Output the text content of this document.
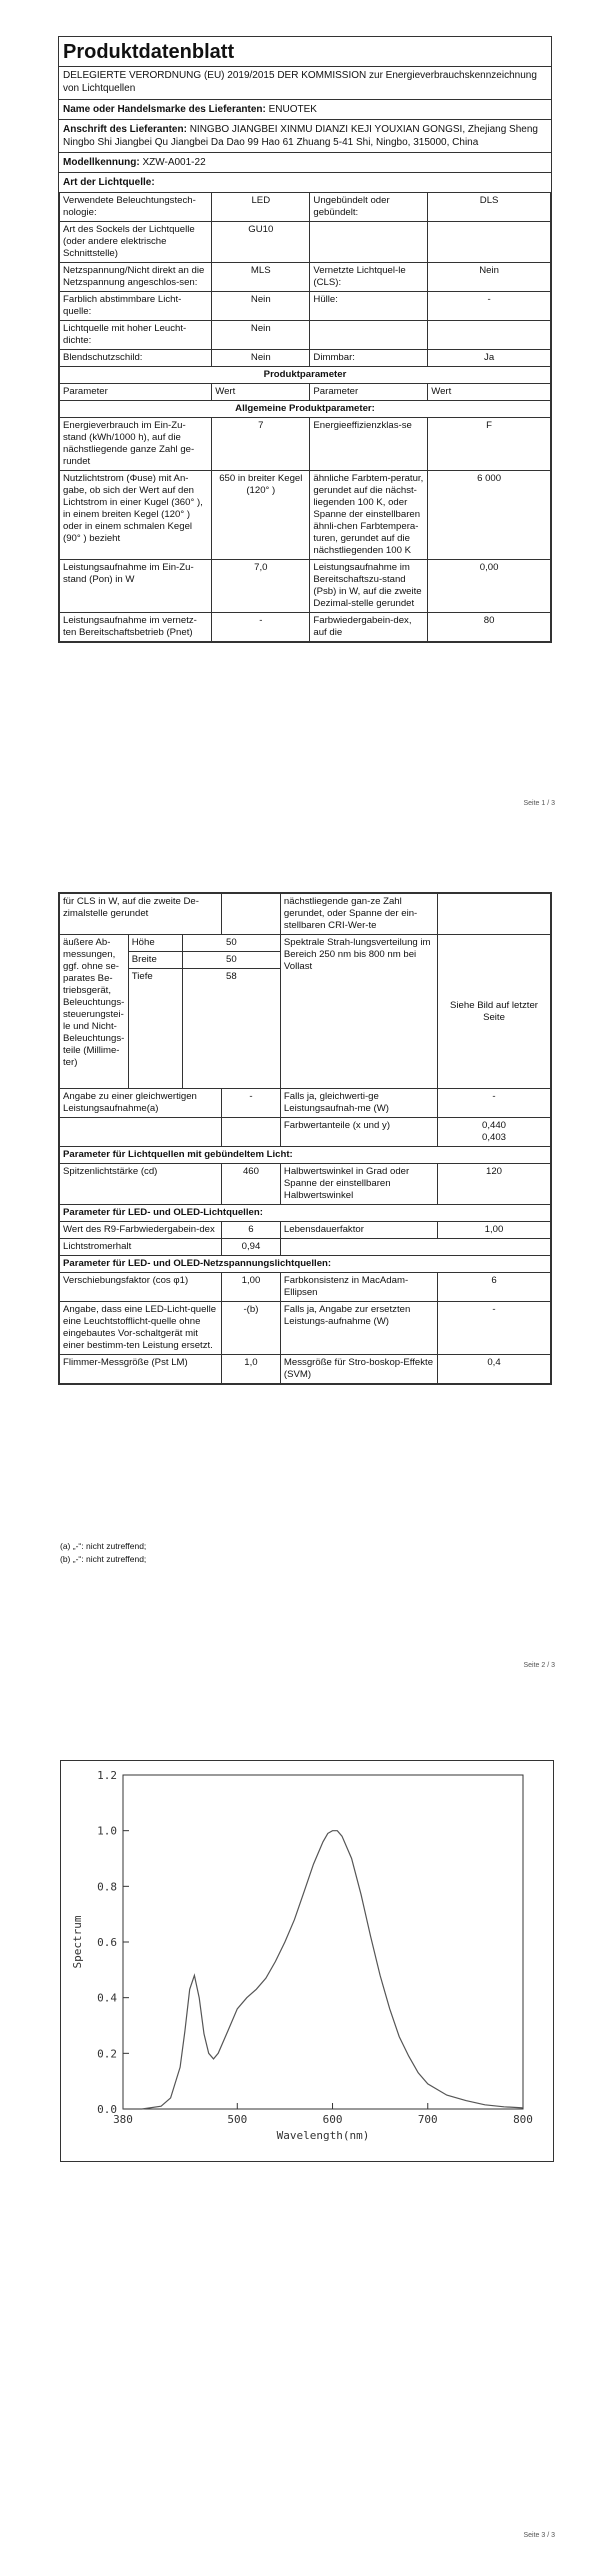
Produktdatenblatt
DELEGIERTE VERORDNUNG (EU) 2019/2015 DER KOMMISSION zur Energieverbrauchskennzeichnung von Lichtquellen
Name oder Handelsmarke des Lieferanten: ENUOTEK
Anschrift des Lieferanten: NINGBO JIANGBEI XINMU DIANZI KEJI YOUXIAN GONGSI, Zhejiang Sheng Ningbo Shi Jiangbei Qu Jiangbei Da Dao 99 Hao 61 Zhuang 5-41 Shi, Ningbo, 315000, China
Modellkennung: XZW-A001-22
Art der Lichtquelle:
Verwendete Beleuchtungstech-nologie:	LED	Ungebündelt oder gebündelt:	DLS
Art des Sockels der Lichtquelle (oder andere elektrische Schnittstelle)	GU10		
Netzspannung/Nicht direkt an die Netzspannung angeschlos-sen:	MLS	Vernetzte Lichtquel-le (CLS):	Nein
Farblich abstimmbare Licht-quelle:	Nein	Hülle:	-
Lichtquelle mit hoher Leucht-dichte:	Nein		
Blendschutzschild:	Nein	Dimmbar:	Ja
Produktparameter			
Parameter	Wert	Parameter	Wert
Allgemeine Produktparameter:			
Energieverbrauch im Ein-Zu-stand (kWh/1000 h), auf die nächstliegende ganze Zahl ge-rundet	7	Energieeffizienzklas-se	F
Nutzlichtstrom (Φuse) mit An-gabe, ob sich der Wert auf den Lichtstrom in einer Kugel (360° ), in einem breiten Kegel (120° ) oder in einem schmalen Kegel (90° ) bezieht	650 in breiter Kegel (120° )	ähnliche Farbtem-peratur, gerundet auf die nächst-liegenden 100 K, oder Spanne der einstellbaren ähnli-chen Farbtempera-turen, gerundet auf die nächstliegenden 100 K	6 000
Leistungsaufnahme im Ein-Zu-stand (Pon) in W	7,0	Leistungsaufnahme im Bereitschaftszu-stand (Psb) in W, auf die zweite Dezimal-stelle gerundet	0,00
Leistungsaufnahme im vernetz-ten Bereitschaftsbetrieb (Pnet)	-	Farbwiedergabein-dex, auf die	80
Seite 1 / 3
für CLS in W, auf die zweite De-zimalstelle gerundet				nächstliegende gan-ze Zahl gerundet, oder Spanne der ein-stellbaren CRI-Wer-te	
äußere Ab-messungen, ggf. ohne se-parates Be-triebsgerät, Beleuchtungs-steuerungstei-le und Nicht-Beleuchtungs-teile (Millime-ter)	Höhe	50		Spektrale Strah-lungsverteilung im Bereich 250 nm bis 800 nm bei Vollast	Siehe Bild auf letzter Seite
	Breite	50			
	Tiefe	58			
Angabe zu einer gleichwertigen Leistungsaufnahme(a)			-	Falls ja, gleichwerti-ge Leistungsaufnah-me (W)	-
				Farbwertanteile (x und y)	0,440
0,403

Parameter für Lichtquellen mit gebündeltem Licht:					
Spitzenlichtstärke (cd)			460	Halbwertswinkel in Grad oder Spanne der einstellbaren Halbwertswinkel	120
Parameter für LED- und OLED-Lichtquellen:					
Wert des R9-Farbwiedergabein-dex			6	Lebensdauerfaktor	1,00
Lichtstromerhalt			0,94		
Parameter für LED- und OLED-Netzspannungslichtquellen:					
Verschiebungsfaktor (cos φ1)			1,00	Farbkonsistenz in MacAdam-Ellipsen	6
Angabe, dass eine LED-Licht-quelle eine Leuchtstofflicht-quelle ohne eingebautes Vor-schaltgerät mit einer bestimm-ten Leistung ersetzt.			-(b)	Falls ja, Angabe zur ersetzten Leistungs-aufnahme (W)	-
Flimmer-Messgröße (Pst LM)			1,0	Messgröße für Stro-boskop-Effekte (SVM)	0,4
(a) „-“: nicht zutreffend;
(b) „-“: nicht zutreffend;
Seite 2 / 3
0.0
0.2
0.4
0.6
0.8
1.0
1.2
380	500	600	700	800
Spectrum
Wavelength(nm)
Seite 3 / 3
